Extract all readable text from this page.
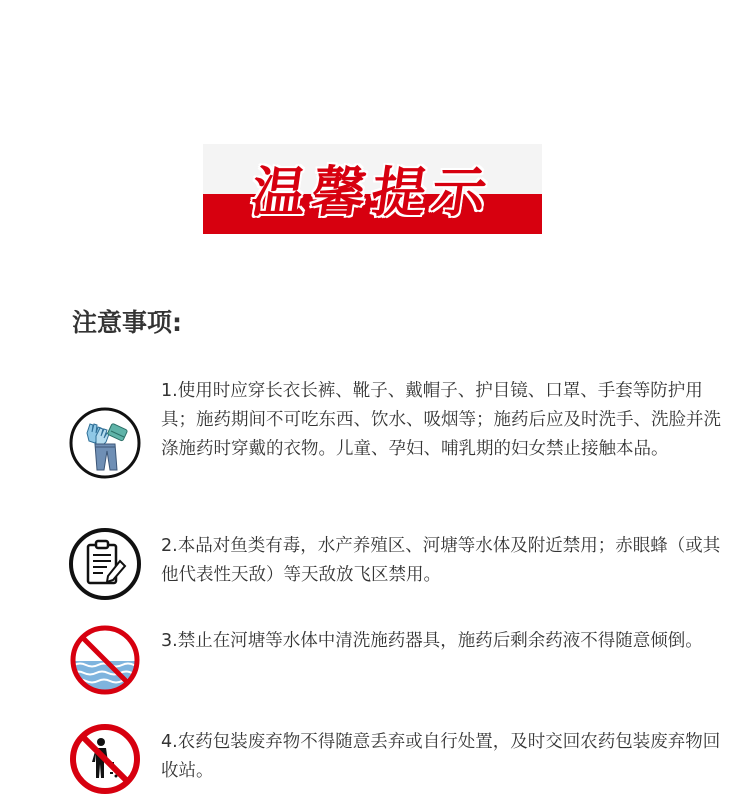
温馨提示
注意事项:

1.使用时应穿长衣长裤、靴子、戴帽子、护目镜、口罩、手套等防护用具；施药期间不可吃东西、饮水、吸烟等；施药后应及时洗手、洗脸并洗涤施药时穿戴的衣物。儿童、孕妇、哺乳期的妇女禁止接触本品。

2.本品对鱼类有毒，水产养殖区、河塘等水体及附近禁用；赤眼蜂（或其他代表性天敌）等天敌放飞区禁用。

3.禁止在河塘等水体中清洗施药器具，施药后剩余药液不得随意倾倒。

4.农药包装废弃物不得随意丢弃或自行处置，及时交回农药包装废弃物回收站。
